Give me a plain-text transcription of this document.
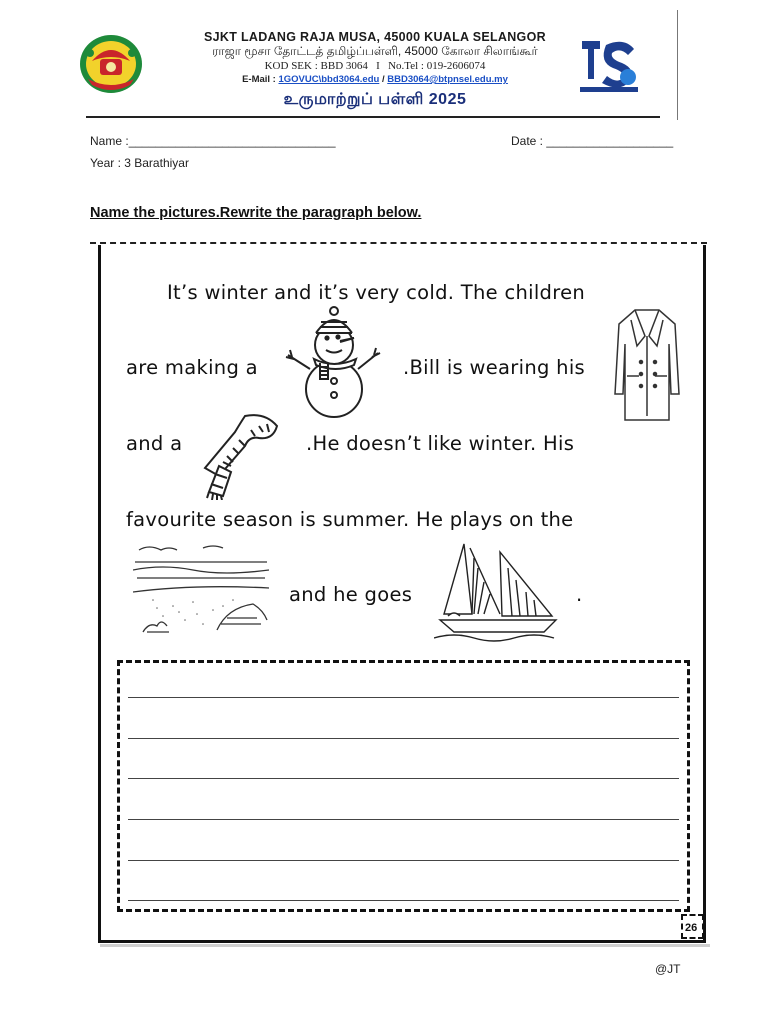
SJKT LADANG RAJA MUSA, 45000 KUALA SELANGOR
ராஜா மூசா தோட்டத் தமிழ்ப்பள்ளி, 45000 கோலா சிலாங்கூர்
KOD SEK : BBD 3064 I No.Tel : 019-2606074
E-Mail : 1GOVUC\bbd3064.edu / BBD3064@btpnsel.edu.my
உருமாற்றுப் பள்ளி 2025
Name :_______________________________	Date : ___________________
Year : 3 Barathiyar
Name the pictures.Rewrite the paragraph below.
It’s winter and it’s very cold. The children
are making a	.Bill is wearing his
and a	.He doesn’t like winter. His
favourite season is summer. He plays on the
and he goes	.
26
@JT
